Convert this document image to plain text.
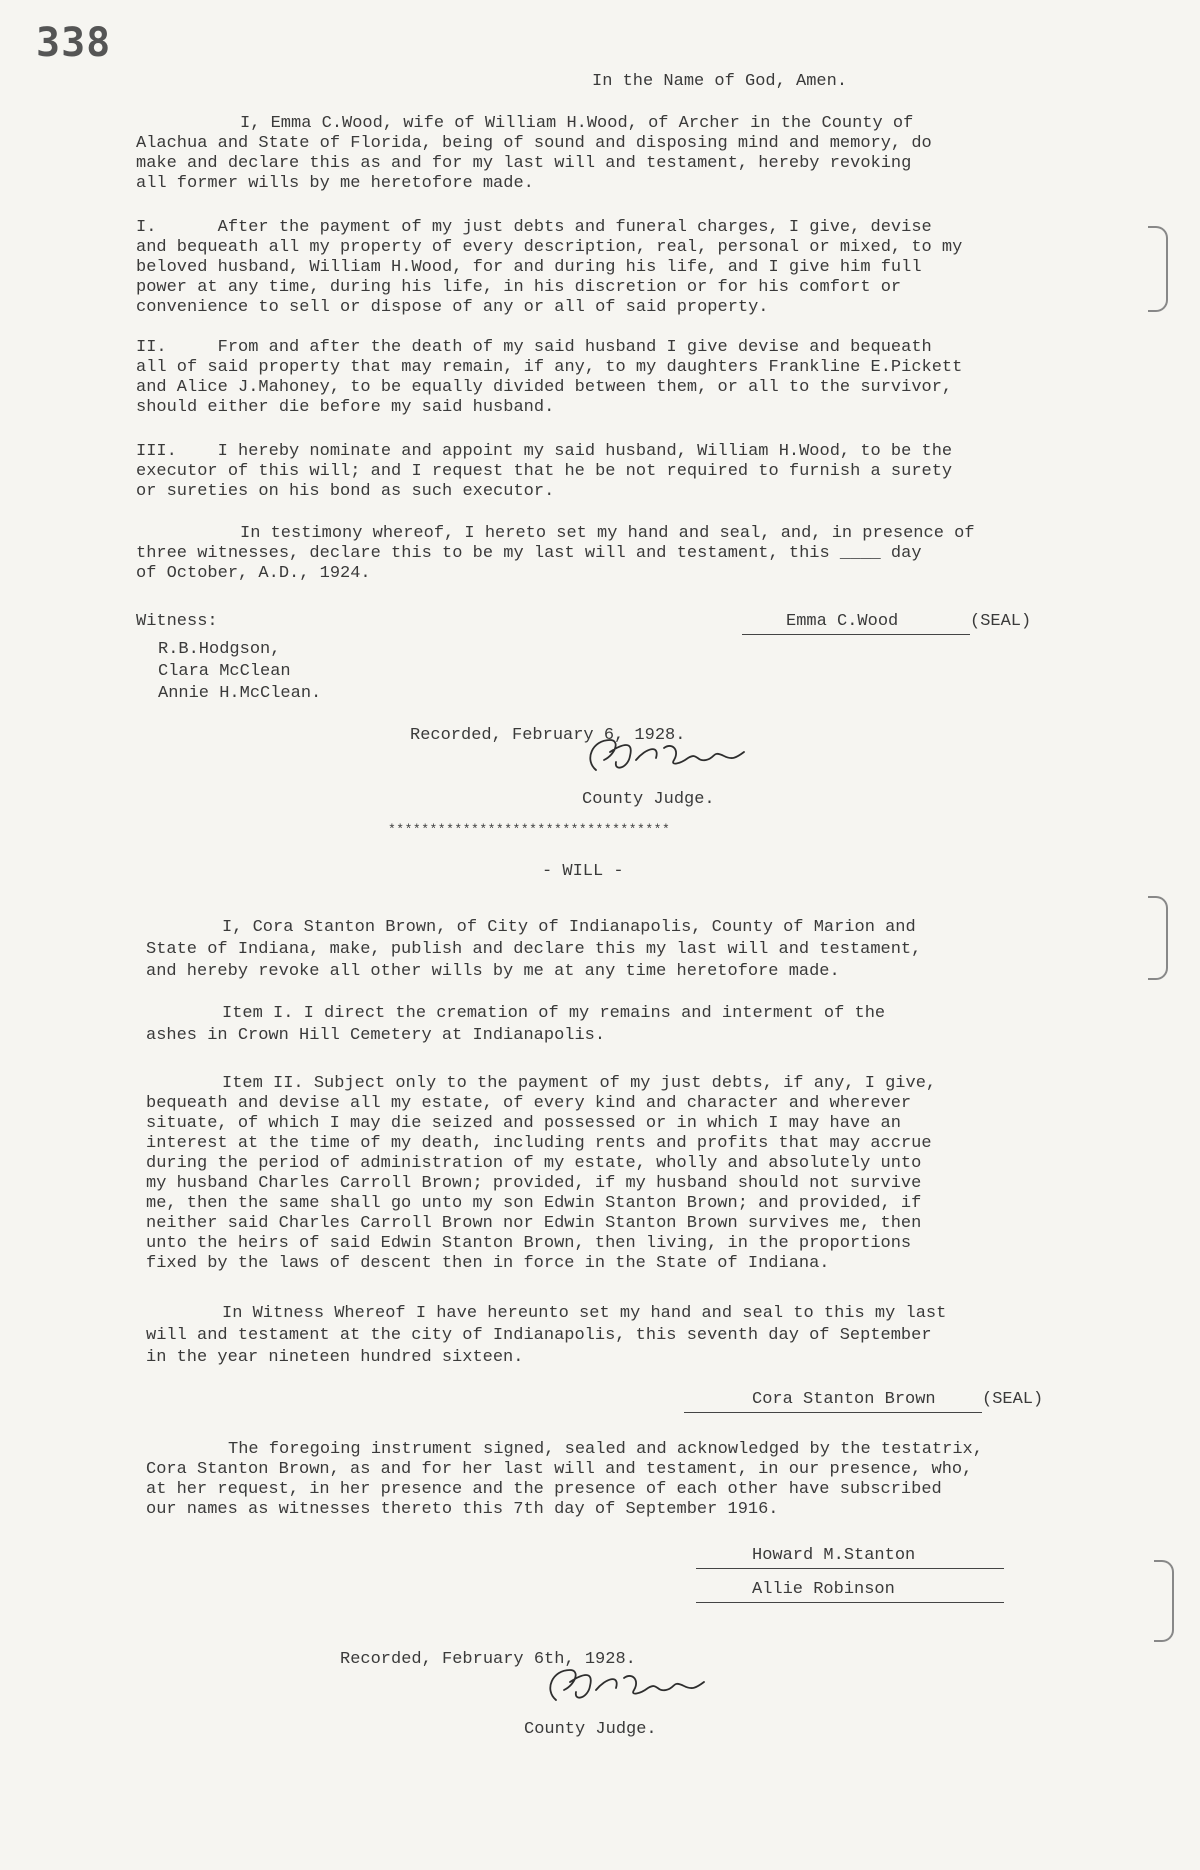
338
In the Name of God, Amen.
I, Emma C.Wood, wife of William H.Wood, of Archer in the County of
Alachua and State of Florida, being of sound and disposing mind and memory, do
make and declare this as and for my last will and testament, hereby revoking
all former wills by me heretofore made.
I.      After the payment of my just debts and funeral charges, I give, devise
and bequeath all my property of every description, real, personal or mixed, to my
beloved husband, William H.Wood, for and during his life, and I give him full
power at any time, during his life, in his discretion or for his comfort or
convenience to sell or dispose of any or all of said property.
II.     From and after the death of my said husband I give devise and bequeath
all of said property that may remain, if any, to my daughters Frankline E.Pickett
and Alice J.Mahoney, to be equally divided between them, or all to the survivor,
should either die before my said husband.
III.    I hereby nominate and appoint my said husband, William H.Wood, to be the
executor of this will; and I request that he be not required to furnish a surety
or sureties on his bond as such executor.
In testimony whereof, I hereto set my hand and seal, and, in presence of
three witnesses, declare this to be my last will and testament, this ____ day
of October, A.D., 1924.
Witness:
R.B.Hodgson,
Clara McClean
Annie H.McClean.
Emma C.Wood	(SEAL)
Recorded, February 6, 1928.
County Judge.
**********************************
- WILL -
I, Cora Stanton Brown, of City of Indianapolis, County of Marion and
State of Indiana, make, publish and declare this my last will and testament,
and hereby revoke all other wills by me at any time heretofore made.
Item I. I direct the cremation of my remains and interment of the
ashes in Crown Hill Cemetery at Indianapolis.
Item II. Subject only to the payment of my just debts, if any, I give,
bequeath and devise all my estate, of every kind and character and wherever
situate, of which I may die seized and possessed or in which I may have an
interest at the time of my death, including rents and profits that may accrue
during the period of administration of my estate, wholly and absolutely unto
my husband Charles Carroll Brown; provided, if my husband should not survive
me, then the same shall go unto my son Edwin Stanton Brown; and provided, if
neither said Charles Carroll Brown nor Edwin Stanton Brown survives me, then
unto the heirs of said Edwin Stanton Brown, then living, in the proportions
fixed by the laws of descent then in force in the State of Indiana.
In Witness Whereof I have hereunto set my hand and seal to this my last
will and testament at the city of Indianapolis, this seventh day of September
in the year nineteen hundred sixteen.
Cora Stanton Brown	(SEAL)
The foregoing instrument signed, sealed and acknowledged by the testatrix,
Cora Stanton Brown, as and for her last will and testament, in our presence, who,
at her request, in her presence and the presence of each other have subscribed
our names as witnesses thereto this 7th day of September 1916.
Howard M.Stanton
Allie Robinson
Recorded, February 6th, 1928.
County Judge.
